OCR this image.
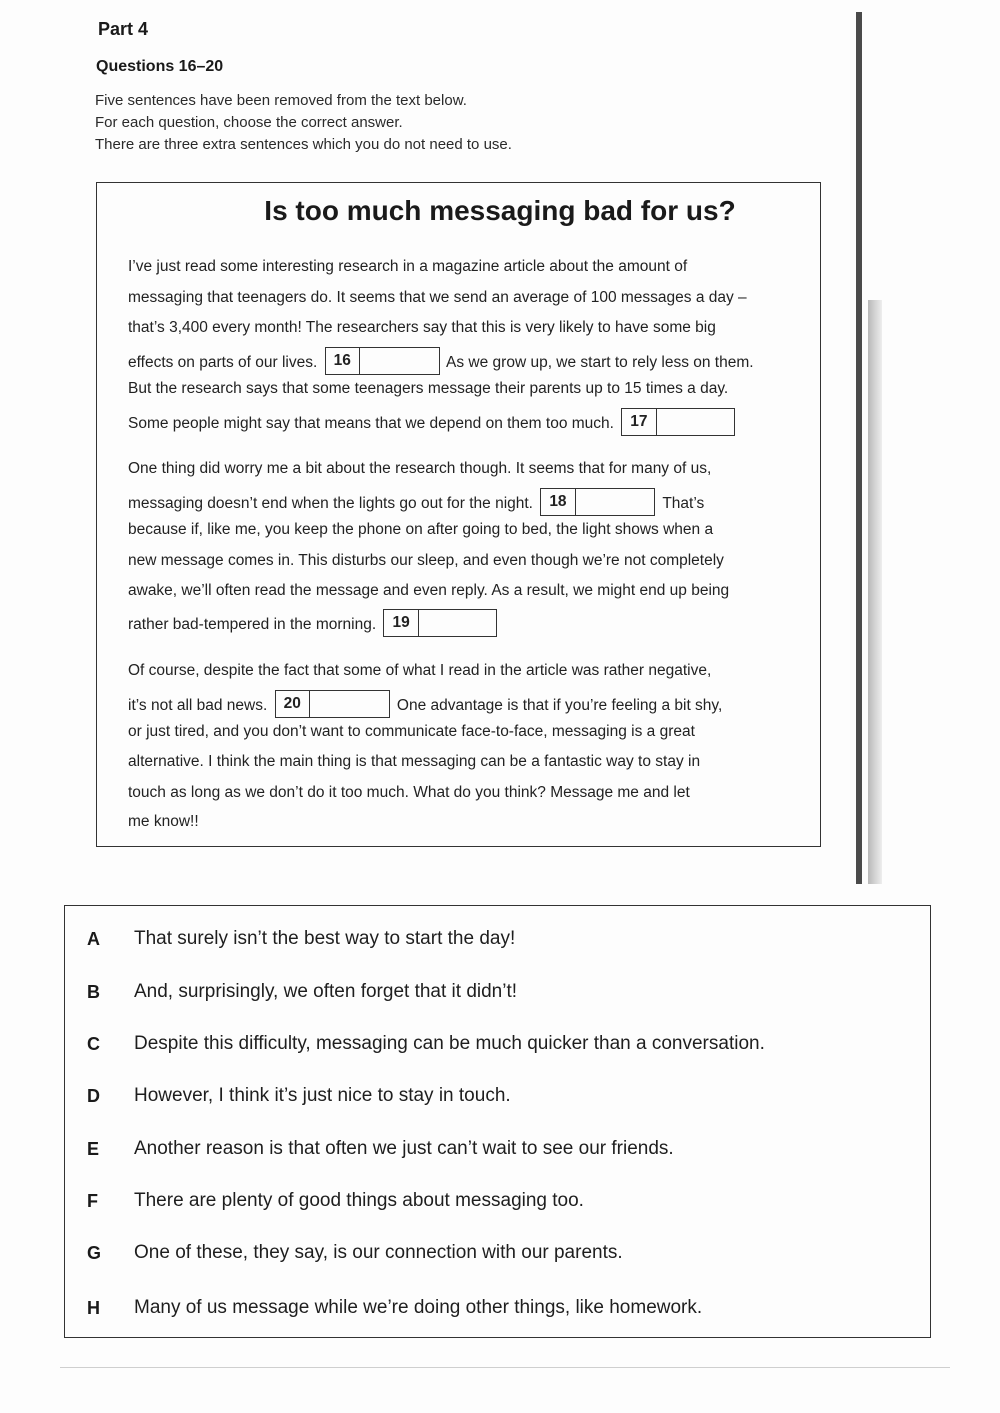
Part 4
Questions 16–20
Five sentences have been removed from the text below.
For each question, choose the correct answer.
There are three extra sentences which you do not need to use.
Is too much messaging bad for us?
I’ve just read some interesting research in a magazine article about the amount of
messaging that teenagers do. It seems that we send an average of 100 messages a day –
that’s 3,400 every month! The researchers say that this is very likely to have some big
effects on parts of our lives. 16	As we grow up, we start to rely less on them.
But the research says that some teenagers message their parents up to 15 times a day.
Some people might say that means that we depend on them too much. 17
One thing did worry me a bit about the research though. It seems that for many of us,
messaging doesn’t end when the lights go out for the night. 18	That’s
because if, like me, you keep the phone on after going to bed, the light shows when a
new message comes in. This disturbs our sleep, and even though we’re not completely
awake, we’ll often read the message and even reply. As a result, we might end up being
rather bad-tempered in the morning. 19
Of course, despite the fact that some of what I read in the article was rather negative,
it’s not all bad news. 20	One advantage is that if you’re feeling a bit shy,
or just tired, and you don’t want to communicate face-to-face, messaging is a great
alternative. I think the main thing is that messaging can be a fantastic way to stay in
touch as long as we don’t do it too much. What do you think? Message me and let
me know!!
A That surely isn’t the best way to start the day!
B And, surprisingly, we often forget that it didn’t!
C Despite this difficulty, messaging can be much quicker than a conversation.
D However, I think it’s just nice to stay in touch.
E Another reason is that often we just can’t wait to see our friends.
F There are plenty of good things about messaging too.
G One of these, they say, is our connection with our parents.
H Many of us message while we’re doing other things, like homework.
